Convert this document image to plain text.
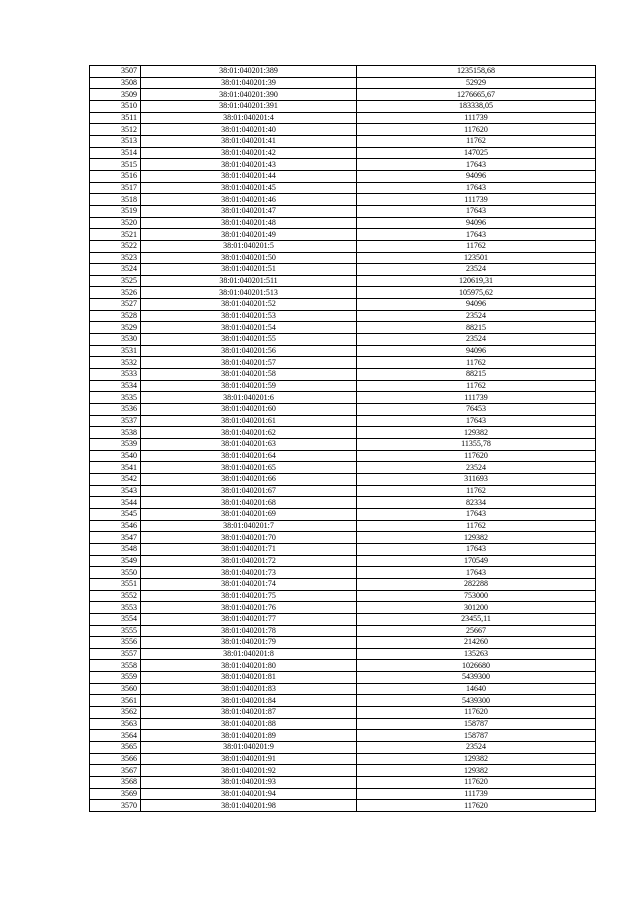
3507	38:01:040201:389	1235158,68
3508	38:01:040201:39	52929
3509	38:01:040201:390	1276665,67
3510	38:01:040201:391	183338,05
3511	38:01:040201:4	111739
3512	38:01:040201:40	117620
3513	38:01:040201:41	11762
3514	38:01:040201:42	147025
3515	38:01:040201:43	17643
3516	38:01:040201:44	94096
3517	38:01:040201:45	17643
3518	38:01:040201:46	111739
3519	38:01:040201:47	17643
3520	38:01:040201:48	94096
3521	38:01:040201:49	17643
3522	38:01:040201:5	11762
3523	38:01:040201:50	123501
3524	38:01:040201:51	23524
3525	38:01:040201:511	120619,31
3526	38:01:040201:513	105975,62
3527	38:01:040201:52	94096
3528	38:01:040201:53	23524
3529	38:01:040201:54	88215
3530	38:01:040201:55	23524
3531	38:01:040201:56	94096
3532	38:01:040201:57	11762
3533	38:01:040201:58	88215
3534	38:01:040201:59	11762
3535	38:01:040201:6	111739
3536	38:01:040201:60	76453
3537	38:01:040201:61	17643
3538	38:01:040201:62	129382
3539	38:01:040201:63	11355,78
3540	38:01:040201:64	117620
3541	38:01:040201:65	23524
3542	38:01:040201:66	311693
3543	38:01:040201:67	11762
3544	38:01:040201:68	82334
3545	38:01:040201:69	17643
3546	38:01:040201:7	11762
3547	38:01:040201:70	129382
3548	38:01:040201:71	17643
3549	38:01:040201:72	170549
3550	38:01:040201:73	17643
3551	38:01:040201:74	282288
3552	38:01:040201:75	753000
3553	38:01:040201:76	301200
3554	38:01:040201:77	23455,11
3555	38:01:040201:78	25667
3556	38:01:040201:79	214260
3557	38:01:040201:8	135263
3558	38:01:040201:80	1026680
3559	38:01:040201:81	5439300
3560	38:01:040201:83	14640
3561	38:01:040201:84	5439300
3562	38:01:040201:87	117620
3563	38:01:040201:88	158787
3564	38:01:040201:89	158787
3565	38:01:040201:9	23524
3566	38:01:040201:91	129382
3567	38:01:040201:92	129382
3568	38:01:040201:93	117620
3569	38:01:040201:94	111739
3570	38:01:040201:98	117620
